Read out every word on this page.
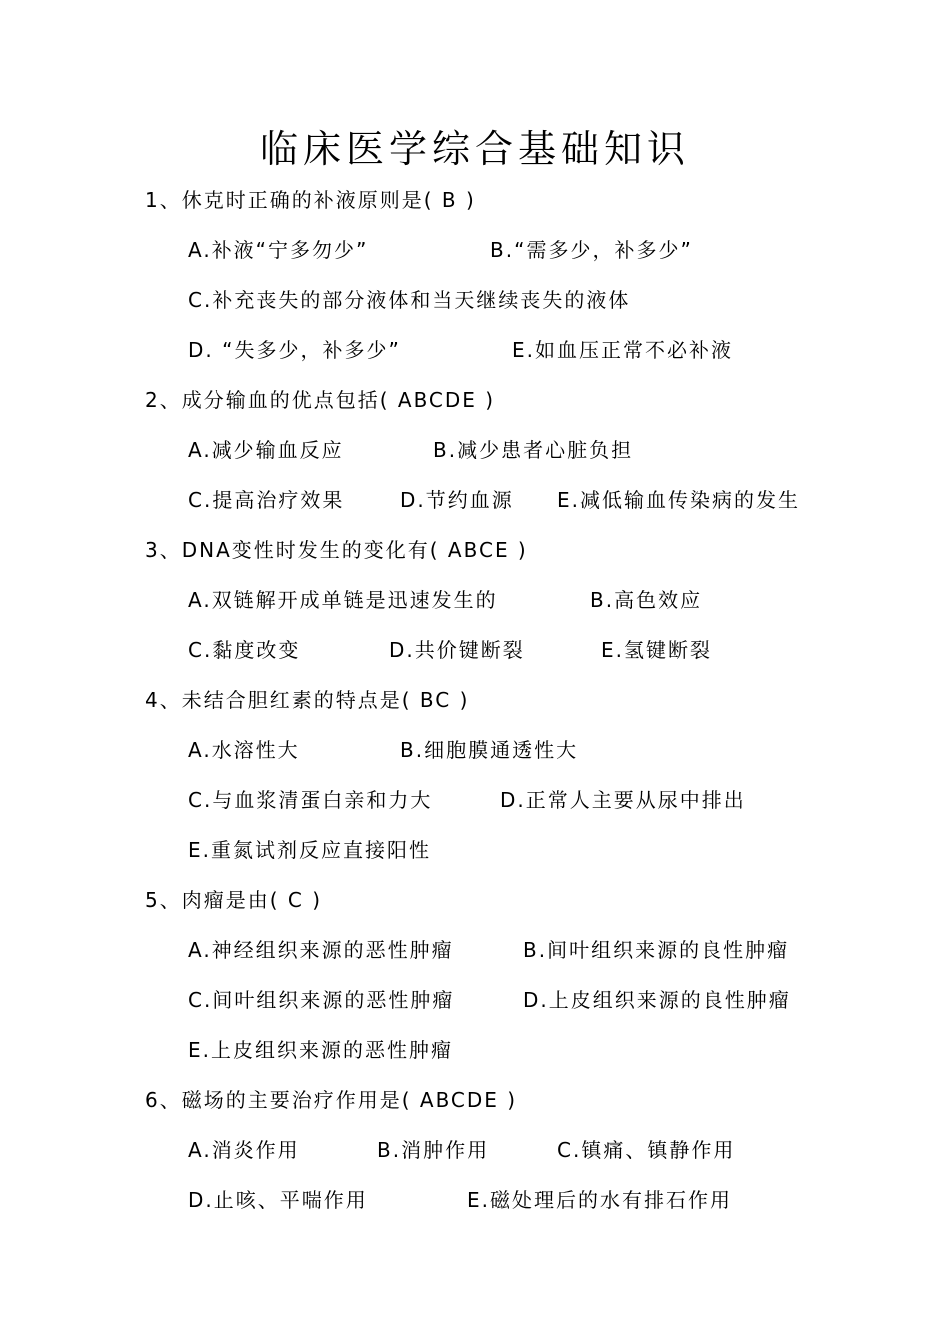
临床医学综合基础知识
1、休克时正确的补液原则是( B )
A.补液“宁多勿少”	B.“需多少，补多少”
C.补充丧失的部分液体和当天继续丧失的液体
D. “失多少，补多少”	E.如血压正常不必补液
2、成分输血的优点包括( ABCDE )
A.减少输血反应	B.减少患者心脏负担
C.提高治疗效果	D.节约血源 E.减低输血传染病的发生
3、DNA变性时发生的变化有( ABCE )
A.双链解开成单链是迅速发生的	B.高色效应
C.黏度改变	D.共价键断裂	E.氢键断裂
4、未结合胆红素的特点是( BC )
A.水溶性大	B.细胞膜通透性大
C.与血浆清蛋白亲和力大	D.正常人主要从尿中排出
E.重氮试剂反应直接阳性
5、肉瘤是由( C )
A.神经组织来源的恶性肿瘤	B.间叶组织来源的良性肿瘤
C.间叶组织来源的恶性肿瘤	D.上皮组织来源的良性肿瘤
E.上皮组织来源的恶性肿瘤
6、磁场的主要治疗作用是( ABCDE )
A.消炎作用	B.消肿作用	C.镇痛、镇静作用
D.止咳、平喘作用	E.磁处理后的水有排石作用
